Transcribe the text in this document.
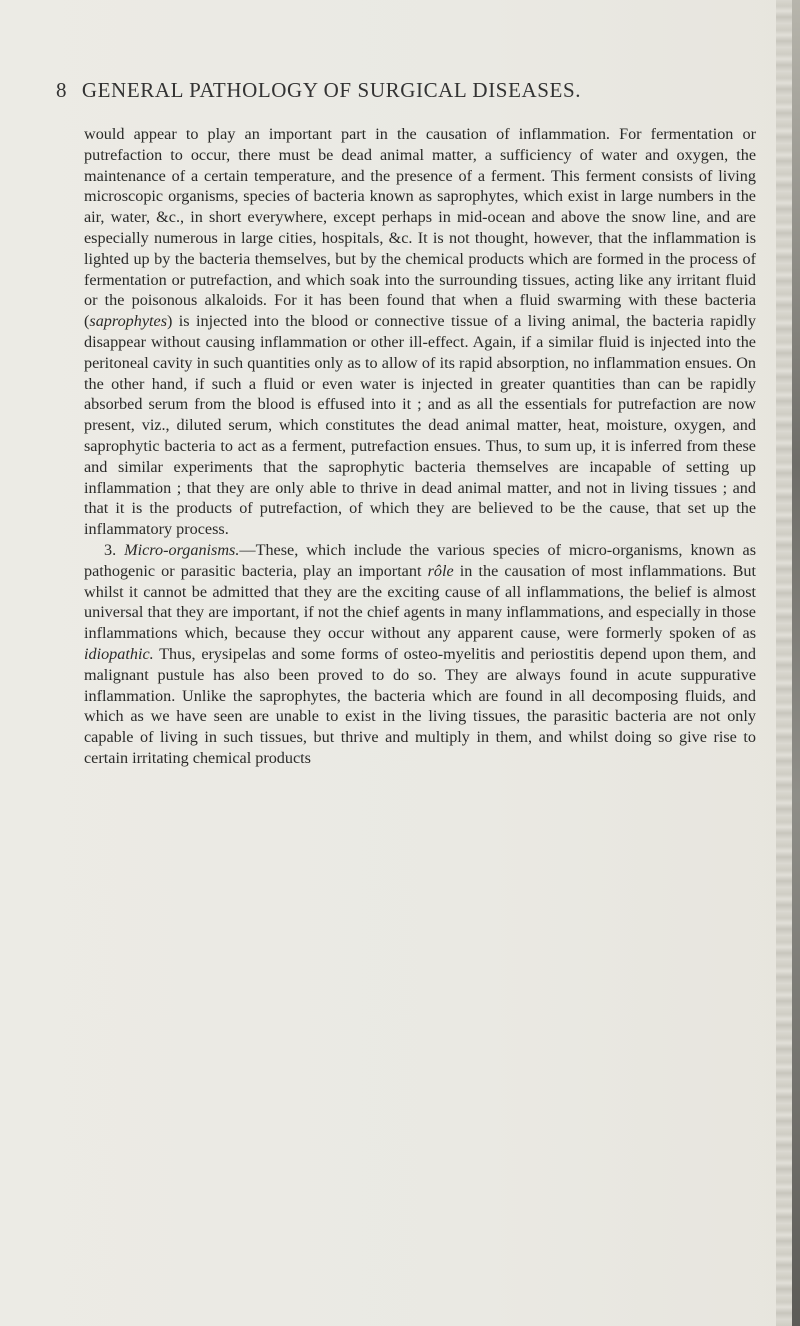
8 GENERAL PATHOLOGY OF SURGICAL DISEASES.

would appear to play an important part in the causation of inflammation. For fermentation or putrefaction to occur, there must be dead animal matter, a sufficiency of water and oxygen, the maintenance of a certain temperature, and the presence of a ferment. This ferment consists of living microscopic organisms, species of bacteria known as saprophytes, which exist in large numbers in the air, water, &c., in short everywhere, except perhaps in mid-ocean and above the snow line, and are especially numerous in large cities, hospitals, &c. It is not thought, however, that the inflammation is lighted up by the bacteria themselves, but by the chemical products which are formed in the process of fermentation or putrefaction, and which soak into the surrounding tissues, acting like any irritant fluid or the poisonous alkaloids. For it has been found that when a fluid swarming with these bacteria (saprophytes) is injected into the blood or connective tissue of a living animal, the bacteria rapidly disappear without causing inflammation or other ill-effect. Again, if a similar fluid is injected into the peritoneal cavity in such quantities only as to allow of its rapid absorption, no inflammation ensues. On the other hand, if such a fluid or even water is injected in greater quantities than can be rapidly absorbed serum from the blood is effused into it ; and as all the essentials for putrefaction are now present, viz., diluted serum, which constitutes the dead animal matter, heat, moisture, oxygen, and saprophytic bacteria to act as a ferment, putrefaction ensues. Thus, to sum up, it is inferred from these and similar experiments that the saprophytic bacteria themselves are incapable of setting up inflammation ; that they are only able to thrive in dead animal matter, and not in living tissues ; and that it is the products of putrefaction, of which they are believed to be the cause, that set up the inflammatory process.

3. Micro-organisms.—These, which include the various species of micro-organisms, known as pathogenic or parasitic bacteria, play an important rôle in the causation of most inflammations. But whilst it cannot be admitted that they are the exciting cause of all inflammations, the belief is almost universal that they are important, if not the chief agents in many inflammations, and especially in those inflammations which, because they occur without any apparent cause, were formerly spoken of as idiopathic. Thus, erysipelas and some forms of osteo-myelitis and periostitis depend upon them, and malignant pustule has also been proved to do so. They are always found in acute suppurative inflammation. Unlike the saprophytes, the bacteria which are found in all decomposing fluids, and which as we have seen are unable to exist in the living tissues, the parasitic bacteria are not only capable of living in such tissues, but thrive and multiply in them, and whilst doing so give rise to certain irritating chemical products
